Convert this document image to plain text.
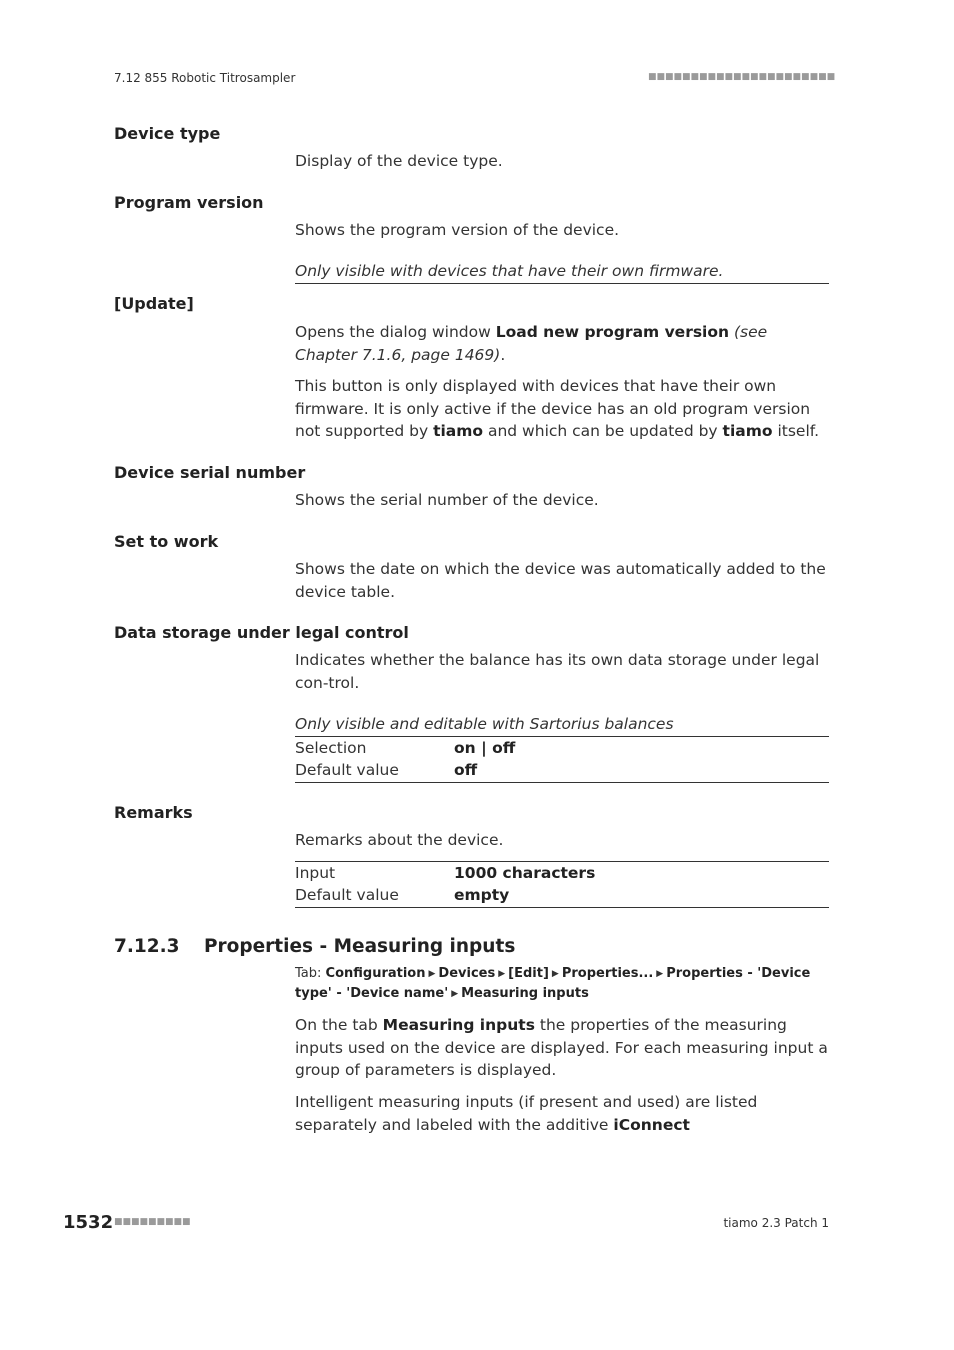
7.12 855 Robotic Titrosampler	■■■■■■■■■■■■■■■■■■■■■■
Device type
Display of the device type.
Program version
Shows the program version of the device.
Only visible with devices that have their own firmware.
[Update]
Opens the dialog window Load new program version (see Chapter 7.1.6, page 1469).
This button is only displayed with devices that have their own firmware. It is only active if the device has an old program version not supported by tiamo and which can be updated by tiamo itself.
Device serial number
Shows the serial number of the device.
Set to work
Shows the date on which the device was automatically added to the device table.
Data storage under legal control
Indicates whether the balance has its own data storage under legal con-trol.
Only visible and editable with Sartorius balances
Selection	on | off
Default value	off
Remarks
Remarks about the device.
Input	1000 characters
Default value	empty
7.12.3 Properties - Measuring inputs
Tab: Configuration ▶ Devices ▶ [Edit] ▶ Properties... ▶ Properties - 'Device type' - 'Device name' ▶ Measuring inputs
On the tab Measuring inputs the properties of the measuring inputs used on the device are displayed. For each measuring input a group of parameters is displayed.
Intelligent measuring inputs (if present and used) are listed separately and labeled with the additive iConnect
1532 ■■■■■■■■■	tiamo 2.3 Patch 1
